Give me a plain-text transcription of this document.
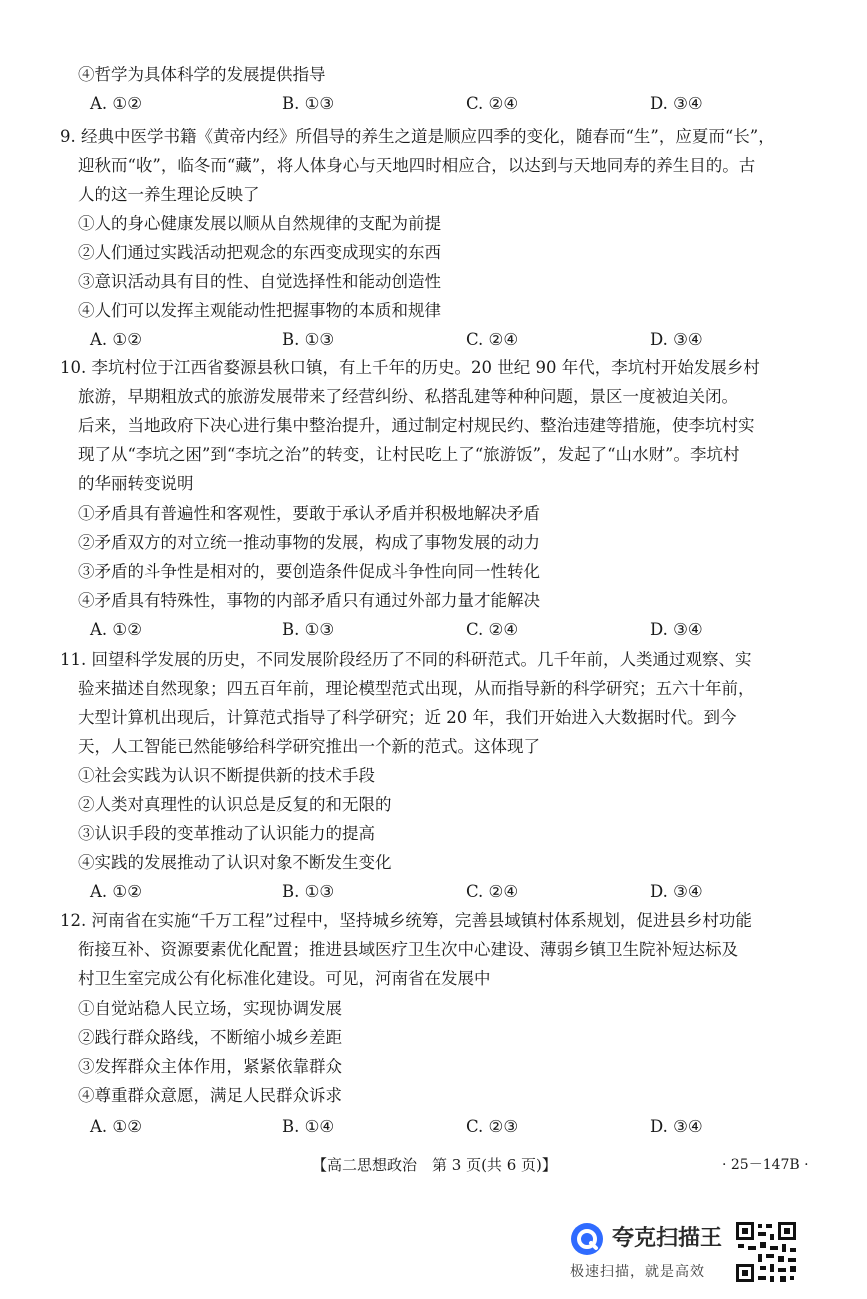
④哲学为具体科学的发展提供指导
A. ①②	B. ①③	C. ②④	D. ③④
9. 经典中医学书籍《黄帝内经》所倡导的养生之道是顺应四季的变化，随春而“生”，应夏而“长”，
迎秋而“收”，临冬而“藏”，将人体身心与天地四时相应合，以达到与天地同寿的养生目的。古
人的这一养生理论反映了
①人的身心健康发展以顺从自然规律的支配为前提
②人们通过实践活动把观念的东西变成现实的东西
③意识活动具有目的性、自觉选择性和能动创造性
④人们可以发挥主观能动性把握事物的本质和规律
A. ①②	B. ①③	C. ②④	D. ③④
10. 李坑村位于江西省婺源县秋口镇，有上千年的历史。20 世纪 90 年代，李坑村开始发展乡村
旅游，早期粗放式的旅游发展带来了经营纠纷、私搭乱建等种种问题，景区一度被迫关闭。
后来，当地政府下决心进行集中整治提升，通过制定村规民约、整治违建等措施，使李坑村实
现了从“李坑之困”到“李坑之治”的转变，让村民吃上了“旅游饭”，发起了“山水财”。李坑村
的华丽转变说明
①矛盾具有普遍性和客观性，要敢于承认矛盾并积极地解决矛盾
②矛盾双方的对立统一推动事物的发展，构成了事物发展的动力
③矛盾的斗争性是相对的，要创造条件促成斗争性向同一性转化
④矛盾具有特殊性，事物的内部矛盾只有通过外部力量才能解决
A. ①②	B. ①③	C. ②④	D. ③④
11. 回望科学发展的历史，不同发展阶段经历了不同的科研范式。几千年前，人类通过观察、实
验来描述自然现象；四五百年前，理论模型范式出现，从而指导新的科学研究；五六十年前，
大型计算机出现后，计算范式指导了科学研究；近 20 年，我们开始进入大数据时代。到今
天，人工智能已然能够给科学研究推出一个新的范式。这体现了
①社会实践为认识不断提供新的技术手段
②人类对真理性的认识总是反复的和无限的
③认识手段的变革推动了认识能力的提高
④实践的发展推动了认识对象不断发生变化
A. ①②	B. ①③	C. ②④	D. ③④
12. 河南省在实施“千万工程”过程中，坚持城乡统筹，完善县域镇村体系规划，促进县乡村功能
衔接互补、资源要素优化配置；推进县域医疗卫生次中心建设、薄弱乡镇卫生院补短达标及
村卫生室完成公有化标准化建设。可见，河南省在发展中
①自觉站稳人民立场，实现协调发展
②践行群众路线，不断缩小城乡差距
③发挥群众主体作用，紧紧依靠群众
④尊重群众意愿，满足人民群众诉求
A. ①②	B. ①④	C. ②③	D. ③④
【高二思想政治　第 3 页(共 6 页)】	· 25－147B ·
夸克扫描王
极速扫描，就是高效
